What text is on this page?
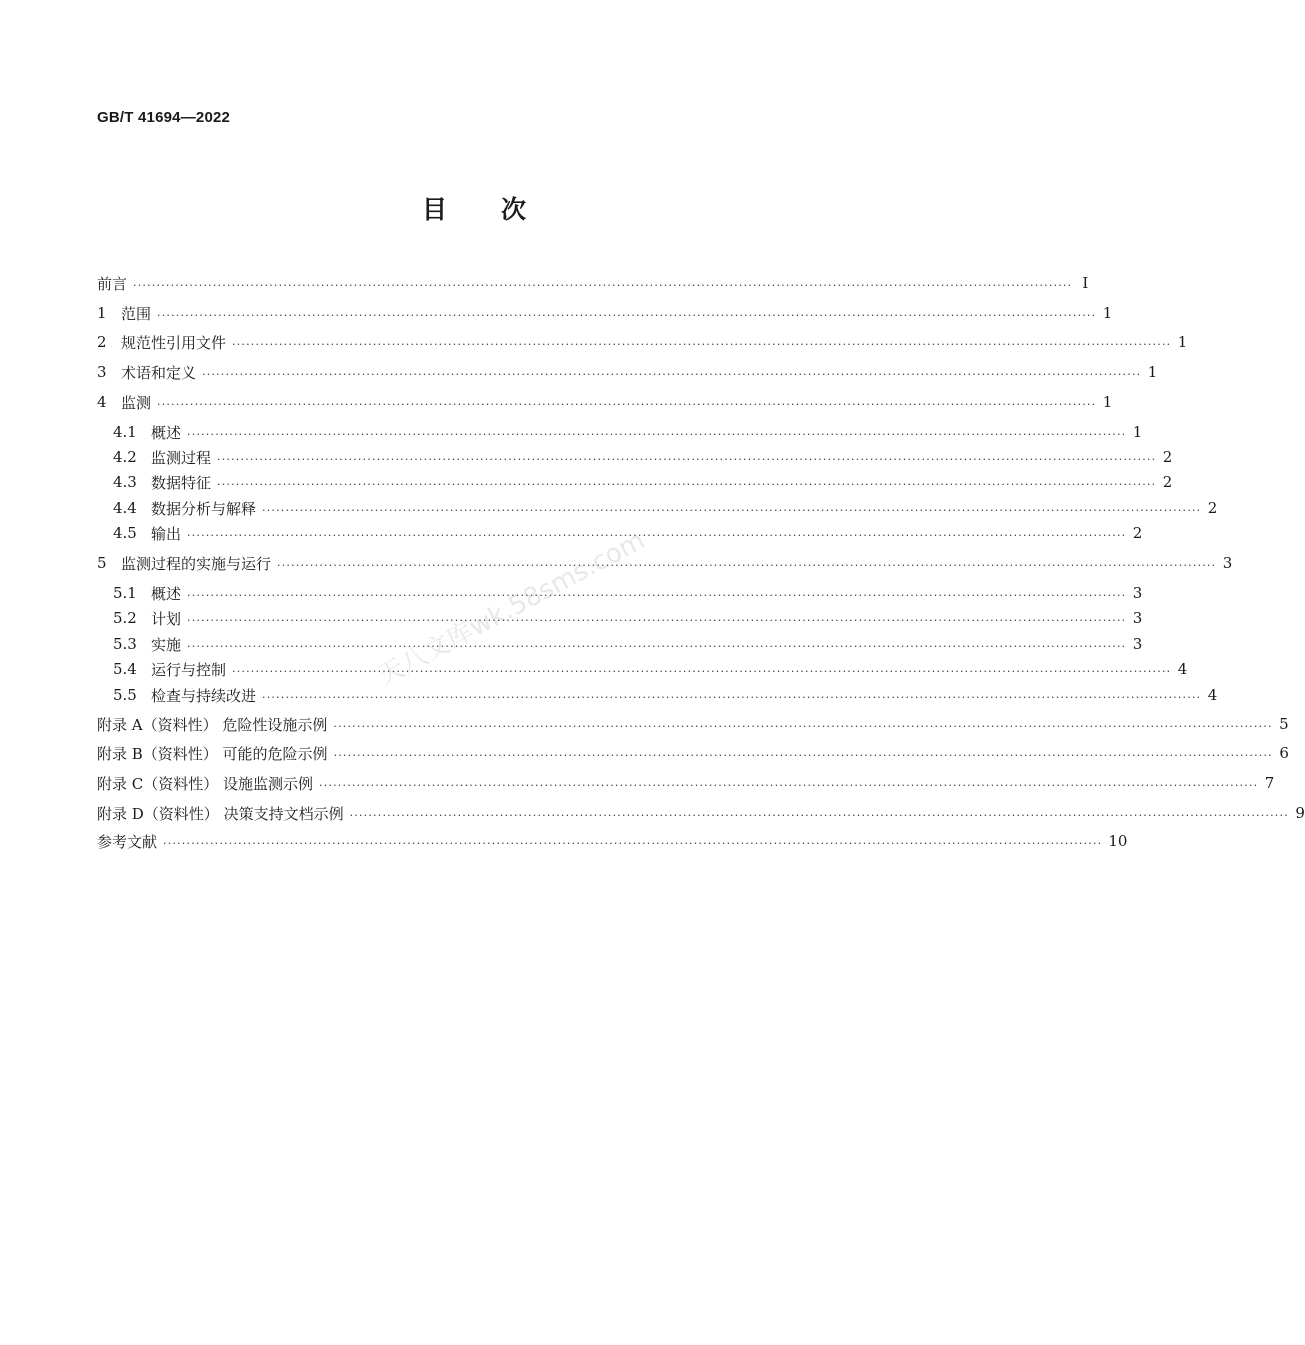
GB/T 41694—2022
目 次
前言 ········································································································································································································ Ⅰ
1 范围 ········································································································································································································ 1
2 规范性引用文件 ········································································································································································································ 1
3 术语和定义 ········································································································································································································ 1
4 监测 ········································································································································································································ 1
4.1 概述 ········································································································································································································ 1
4.2 监测过程 ········································································································································································································ 2
4.3 数据特征 ········································································································································································································ 2
4.4 数据分析与解释 ········································································································································································································ 2
4.5 输出 ········································································································································································································ 2
5 监测过程的实施与运行 ········································································································································································································ 3
5.1 概述 ········································································································································································································ 3
5.2 计划 ········································································································································································································ 3
5.3 实施 ········································································································································································································ 3
5.4 运行与控制 ········································································································································································································ 4
5.5 检查与持续改进 ········································································································································································································ 4
附录 A（资料性） 危险性设施示例 ········································································································································································································ 5
附录 B（资料性） 可能的危险示例 ········································································································································································································ 6
附录 C（资料性） 设施监测示例 ········································································································································································································ 7
附录 D（资料性） 决策支持文档示例 ········································································································································································································ 9
参考文献 ········································································································································································································ 10
天八文库wk.58sms.com
